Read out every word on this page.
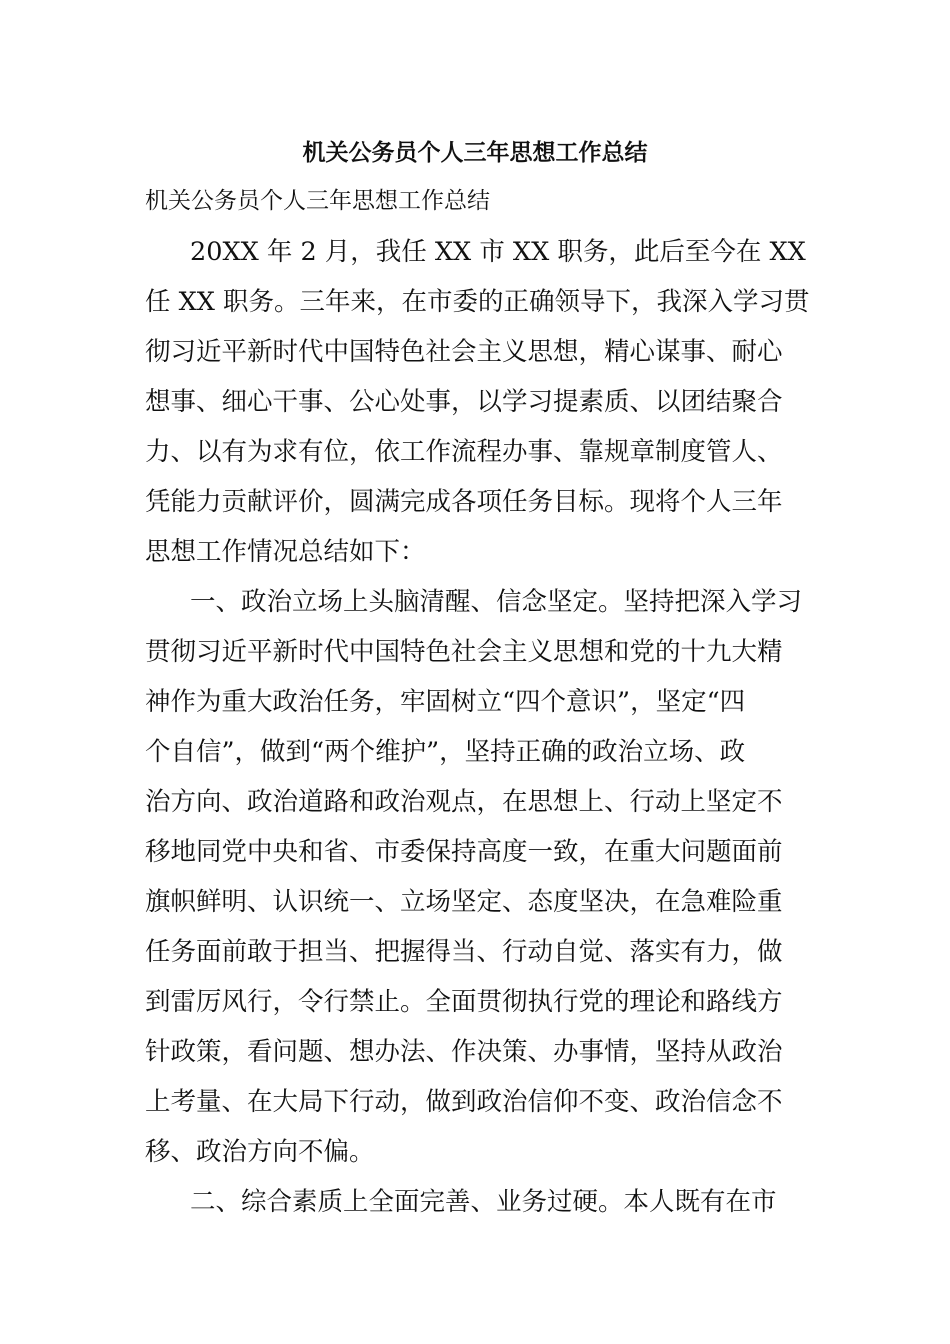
机关公务员个人三年思想工作总结

机关公务员个人三年思想工作总结

20XX 年 2 月，我任 XX 市 XX 职务，此后至今在 XX

任 XX 职务。三年来，在市委的正确领导下，我深入学习贯

彻习近平新时代中国特色社会主义思想，精心谋事、耐心

想事、细心干事、公心处事，以学习提素质、以团结聚合

力、以有为求有位，依工作流程办事、靠规章制度管人、

凭能力贡献评价，圆满完成各项任务目标。现将个人三年

思想工作情况总结如下：

一、政治立场上头脑清醒、信念坚定。坚持把深入学习

贯彻习近平新时代中国特色社会主义思想和党的十九大精

神作为重大政治任务，牢固树立“四个意识”，坚定“四

个自信”，做到“两个维护”，坚持正确的政治立场、政

治方向、政治道路和政治观点，在思想上、行动上坚定不

移地同党中央和省、市委保持高度一致，在重大问题面前

旗帜鲜明、认识统一、立场坚定、态度坚决，在急难险重

任务面前敢于担当、把握得当、行动自觉、落实有力，做

到雷厉风行，令行禁止。全面贯彻执行党的理论和路线方

针政策，看问题、想办法、作决策、办事情，坚持从政治

上考量、在大局下行动，做到政治信仰不变、政治信念不

移、政治方向不偏。

二、综合素质上全面完善、业务过硬。本人既有在市
